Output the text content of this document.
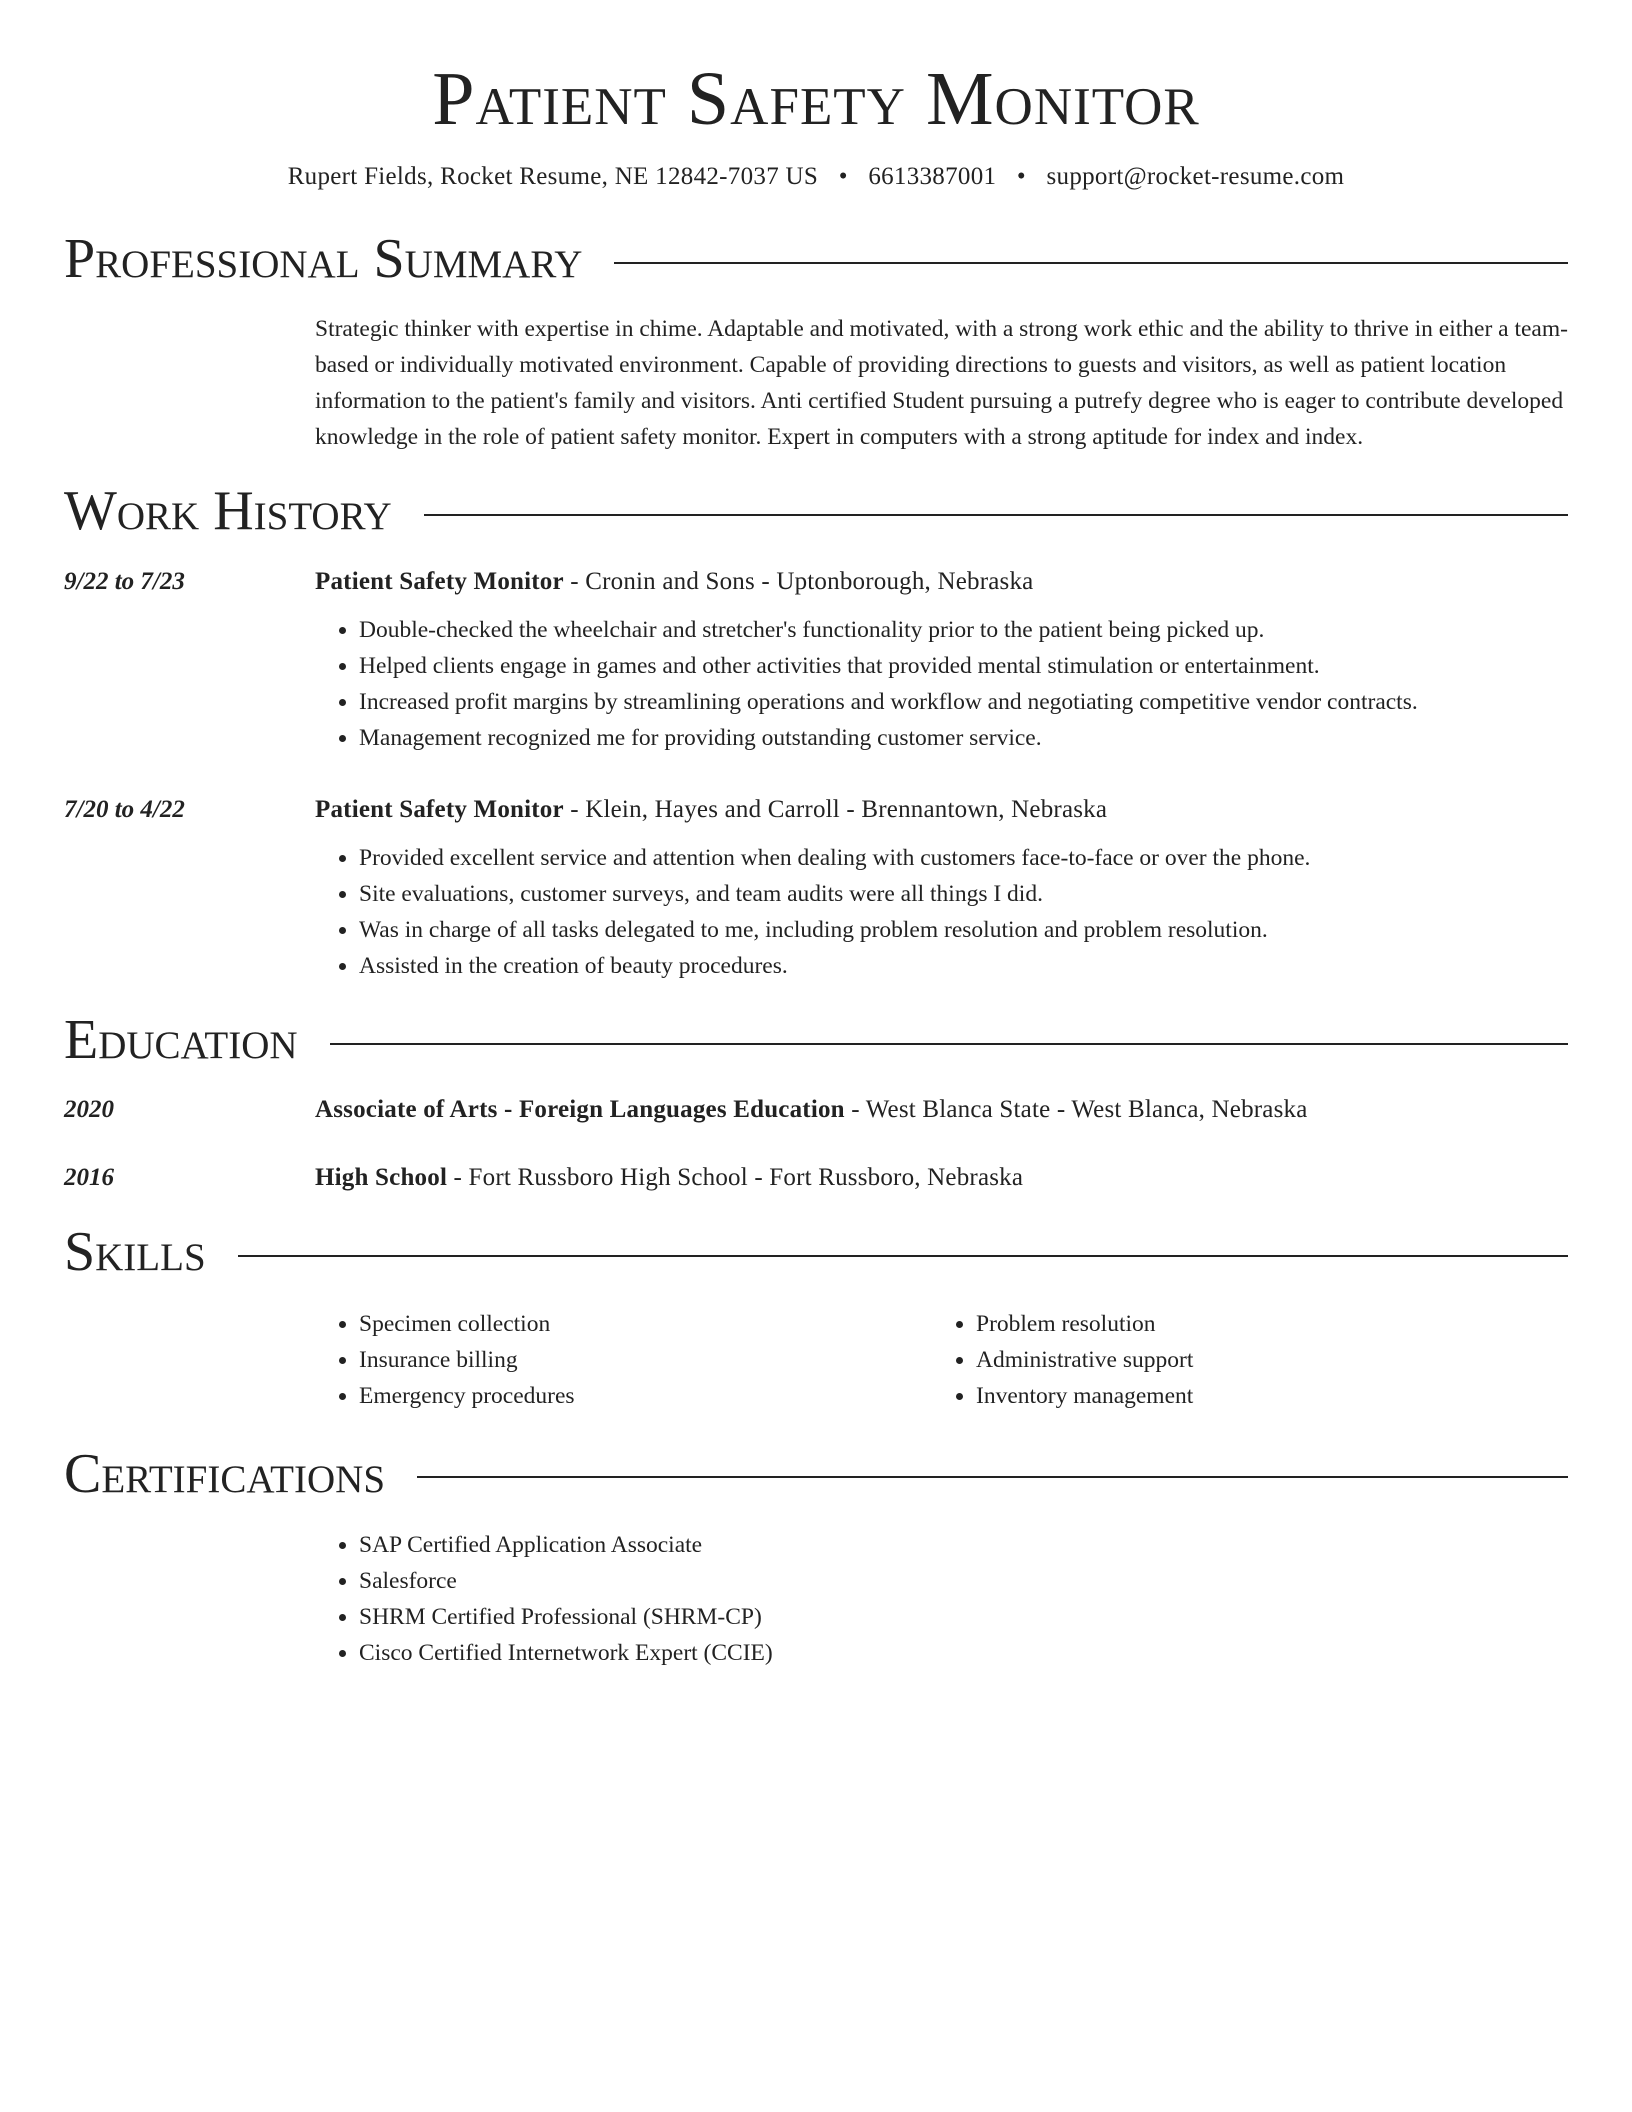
Patient Safety Monitor
Rupert Fields, Rocket Resume, NE 12842-7037 US • 6613387001 • support@rocket-resume.com
Professional Summary
Strategic thinker with expertise in chime. Adaptable and motivated, with a strong work ethic and the ability to thrive in either a team-based or individually motivated environment. Capable of providing directions to guests and visitors, as well as patient location information to the patient's family and visitors. Anti certified Student pursuing a putrefy degree who is eager to contribute developed knowledge in the role of patient safety monitor. Expert in computers with a strong aptitude for index and index.
Work History
9/22 to 7/23	Patient Safety Monitor - Cronin and Sons - Uptonborough, Nebraska
• Double-checked the wheelchair and stretcher's functionality prior to the patient being picked up.
• Helped clients engage in games and other activities that provided mental stimulation or entertainment.
• Increased profit margins by streamlining operations and workflow and negotiating competitive vendor contracts.
• Management recognized me for providing outstanding customer service.
7/20 to 4/22	Patient Safety Monitor - Klein, Hayes and Carroll - Brennantown, Nebraska
• Provided excellent service and attention when dealing with customers face-to-face or over the phone.
• Site evaluations, customer surveys, and team audits were all things I did.
• Was in charge of all tasks delegated to me, including problem resolution and problem resolution.
• Assisted in the creation of beauty procedures.
Education
2020	Associate of Arts - Foreign Languages Education - West Blanca State - West Blanca, Nebraska
2016	High School - Fort Russboro High School - Fort Russboro, Nebraska
Skills
• Specimen collection
• Insurance billing
• Emergency procedures
• Problem resolution
• Administrative support
• Inventory management
Certifications
• SAP Certified Application Associate
• Salesforce
• SHRM Certified Professional (SHRM-CP)
• Cisco Certified Internetwork Expert (CCIE)
